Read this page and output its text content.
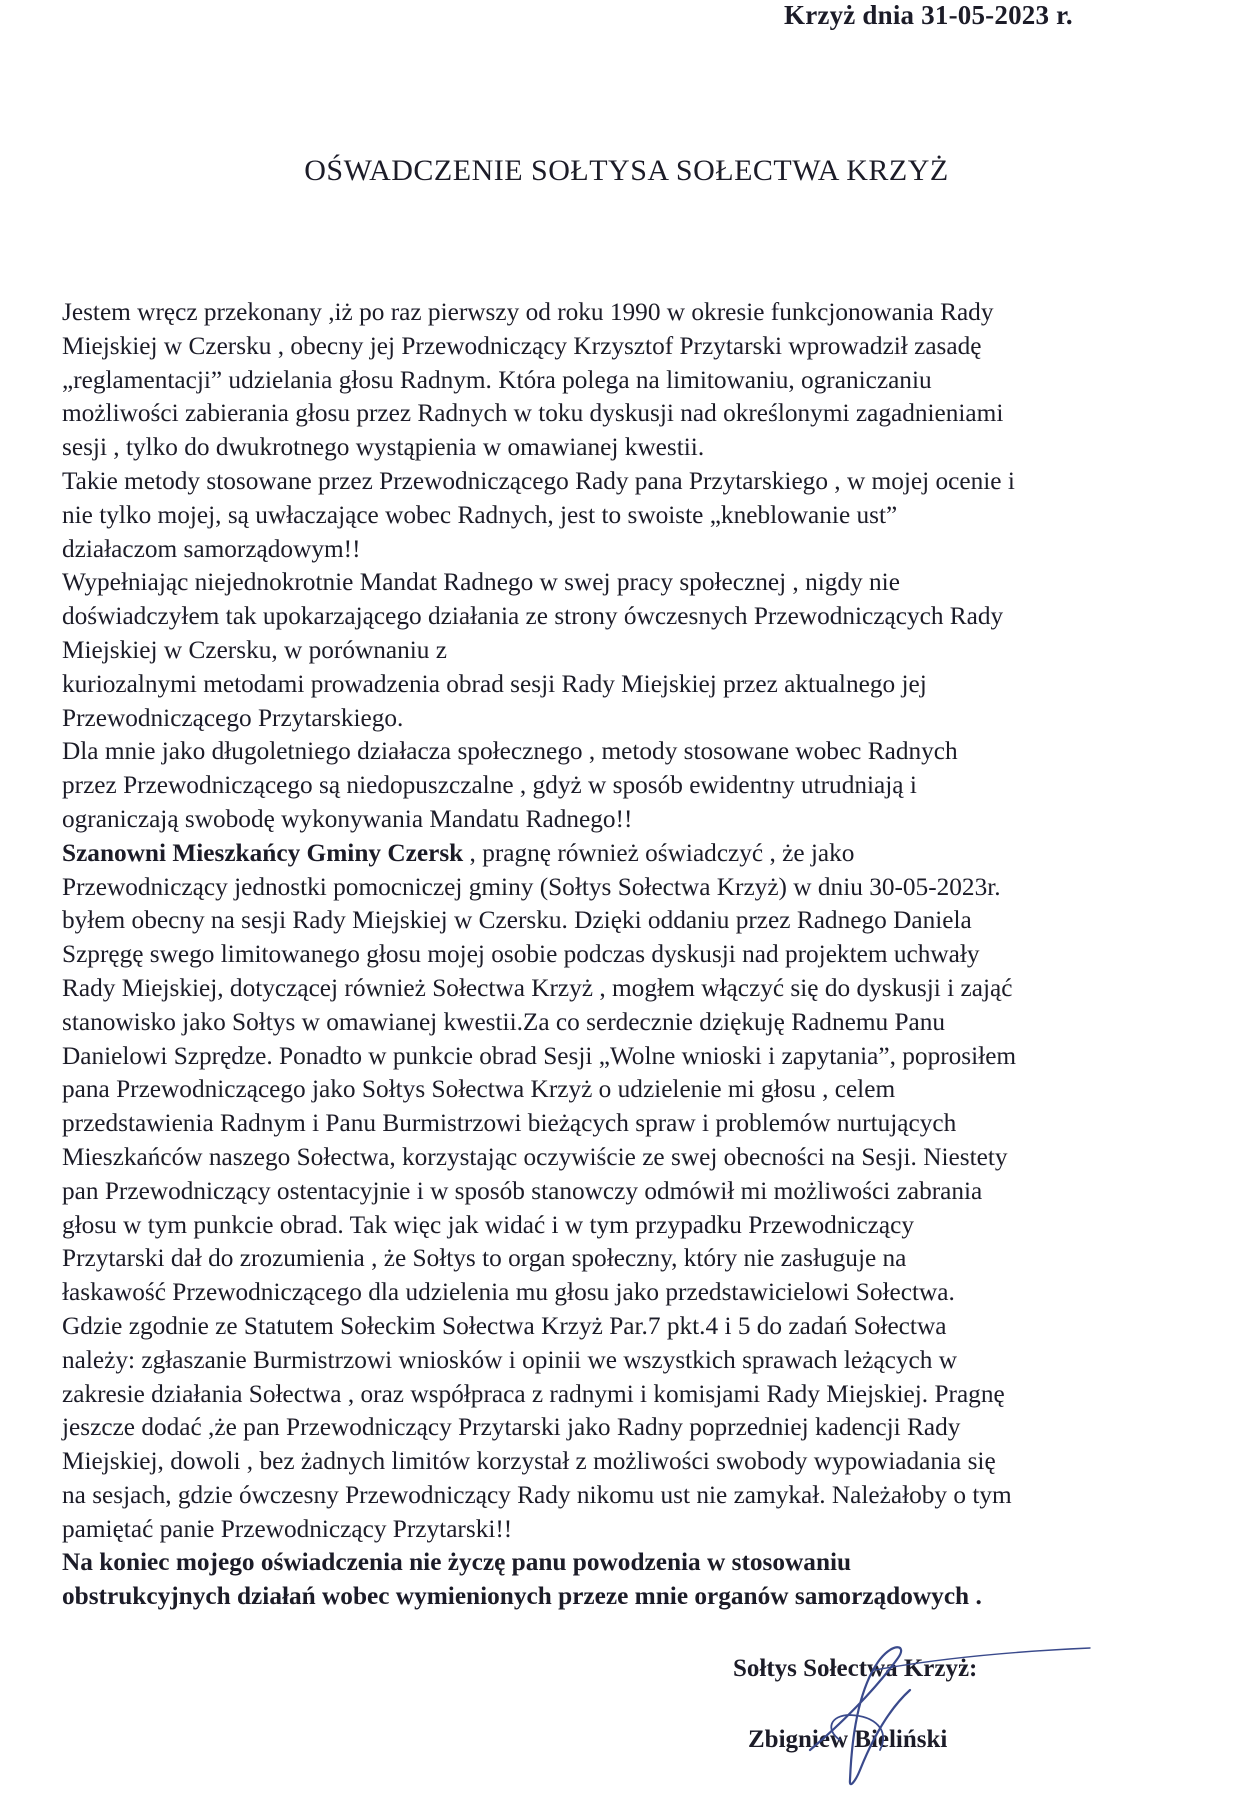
Krzyż dnia 31-05-2023 r.
OŚWADCZENIE SOŁTYSA SOŁECTWA KRZYŻ
Jestem wręcz przekonany ,iż po raz pierwszy od roku 1990 w okresie funkcjonowania Rady
Miejskiej w Czersku , obecny jej Przewodniczący Krzysztof Przytarski wprowadził zasadę
„reglamentacji” udzielania głosu Radnym. Która polega na limitowaniu, ograniczaniu
możliwości zabierania głosu przez Radnych w toku dyskusji nad określonymi zagadnieniami
sesji , tylko do dwukrotnego wystąpienia w omawianej kwestii.
Takie metody stosowane przez Przewodniczącego Rady pana Przytarskiego , w mojej ocenie i
nie tylko mojej, są uwłaczające wobec Radnych, jest to swoiste „kneblowanie ust”
działaczom samorządowym!!
Wypełniając niejednokrotnie Mandat Radnego w swej pracy społecznej , nigdy nie
doświadczyłem tak upokarzającego działania ze strony ówczesnych Przewodniczących Rady
Miejskiej w Czersku, w porównaniu z
kuriozalnymi metodami prowadzenia obrad sesji Rady Miejskiej przez aktualnego jej
Przewodniczącego Przytarskiego.
Dla mnie jako długoletniego działacza społecznego , metody stosowane wobec Radnych
przez Przewodniczącego są niedopuszczalne , gdyż w sposób ewidentny utrudniają i
ograniczają swobodę wykonywania Mandatu Radnego!!
Szanowni Mieszkańcy Gminy Czersk , pragnę również oświadczyć , że jako
Przewodniczący jednostki pomocniczej gminy (Sołtys Sołectwa Krzyż) w dniu 30-05-2023r.
byłem obecny na sesji Rady Miejskiej w Czersku. Dzięki oddaniu przez Radnego Daniela
Szpręgę swego limitowanego głosu mojej osobie podczas dyskusji nad projektem uchwały
Rady Miejskiej, dotyczącej również Sołectwa Krzyż , mogłem włączyć się do dyskusji i zająć
stanowisko jako Sołtys w omawianej kwestii.Za co serdecznie dziękuję Radnemu Panu
Danielowi Szprędze. Ponadto w punkcie obrad Sesji „Wolne wnioski i zapytania”, poprosiłem
pana Przewodniczącego jako Sołtys Sołectwa Krzyż o udzielenie mi głosu , celem
przedstawienia Radnym i Panu Burmistrzowi bieżących spraw i problemów nurtujących
Mieszkańców naszego Sołectwa, korzystając oczywiście ze swej obecności na Sesji. Niestety
pan Przewodniczący ostentacyjnie i w sposób stanowczy odmówił mi możliwości zabrania
głosu w tym punkcie obrad. Tak więc jak widać i w tym przypadku Przewodniczący
Przytarski dał do zrozumienia , że Sołtys to organ społeczny, który nie zasługuje na
łaskawość Przewodniczącego dla udzielenia mu głosu jako przedstawicielowi Sołectwa.
Gdzie zgodnie ze Statutem Sołeckim Sołectwa Krzyż Par.7 pkt.4 i 5 do zadań Sołectwa
należy: zgłaszanie Burmistrzowi wniosków i opinii we wszystkich sprawach leżących w
zakresie działania Sołectwa , oraz współpraca z radnymi i komisjami Rady Miejskiej. Pragnę
jeszcze dodać ,że pan Przewodniczący Przytarski jako Radny poprzedniej kadencji Rady
Miejskiej, dowoli , bez żadnych limitów korzystał z możliwości swobody wypowiadania się
na sesjach, gdzie ówczesny Przewodniczący Rady nikomu ust nie zamykał. Należałoby o tym
pamiętać panie Przewodniczący Przytarski!!
Na koniec mojego oświadczenia nie życzę panu powodzenia w stosowaniu
obstrukcyjnych działań wobec wymienionych przeze mnie organów samorządowych .
Sołtys Sołectwa Krzyż:
Zbigniew Bieliński
